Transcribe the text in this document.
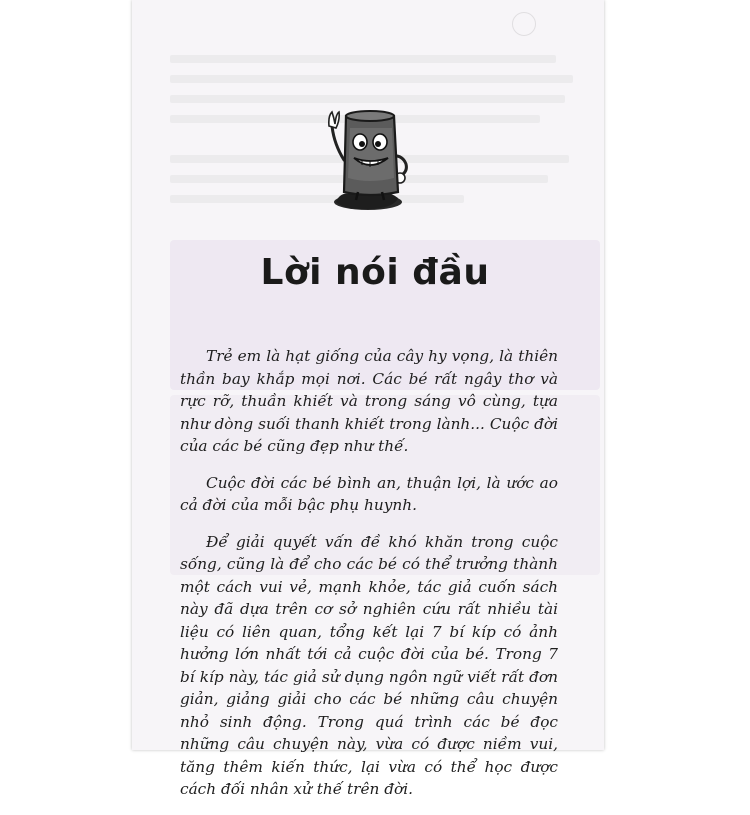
Lời nói đầu

Trẻ em là hạt giống của cây hy vọng, là thiên thần bay khắp mọi nơi. Các bé rất ngây thơ và rực rỡ, thuần khiết và trong sáng vô cùng, tựa như dòng suối thanh khiết trong lành... Cuộc đời của các bé cũng đẹp như thế.

Cuộc đời các bé bình an, thuận lợi, là ước ao cả đời của mỗi bậc phụ huynh.

Để giải quyết vấn đề khó khăn trong cuộc sống, cũng là để cho các bé có thể trưởng thành một cách vui vẻ, mạnh khỏe, tác giả cuốn sách này đã dựa trên cơ sở nghiên cứu rất nhiều tài liệu có liên quan, tổng kết lại 7 bí kíp có ảnh hưởng lớn nhất tới cả cuộc đời của bé. Trong 7 bí kíp này, tác giả sử dụng ngôn ngữ viết rất đơn giản, giảng giải cho các bé những câu chuyện nhỏ sinh động. Trong quá trình các bé đọc những câu chuyện này, vừa có được niềm vui, tăng thêm kiến thức, lại vừa có thể học được cách đối nhân xử thế trên đời.
